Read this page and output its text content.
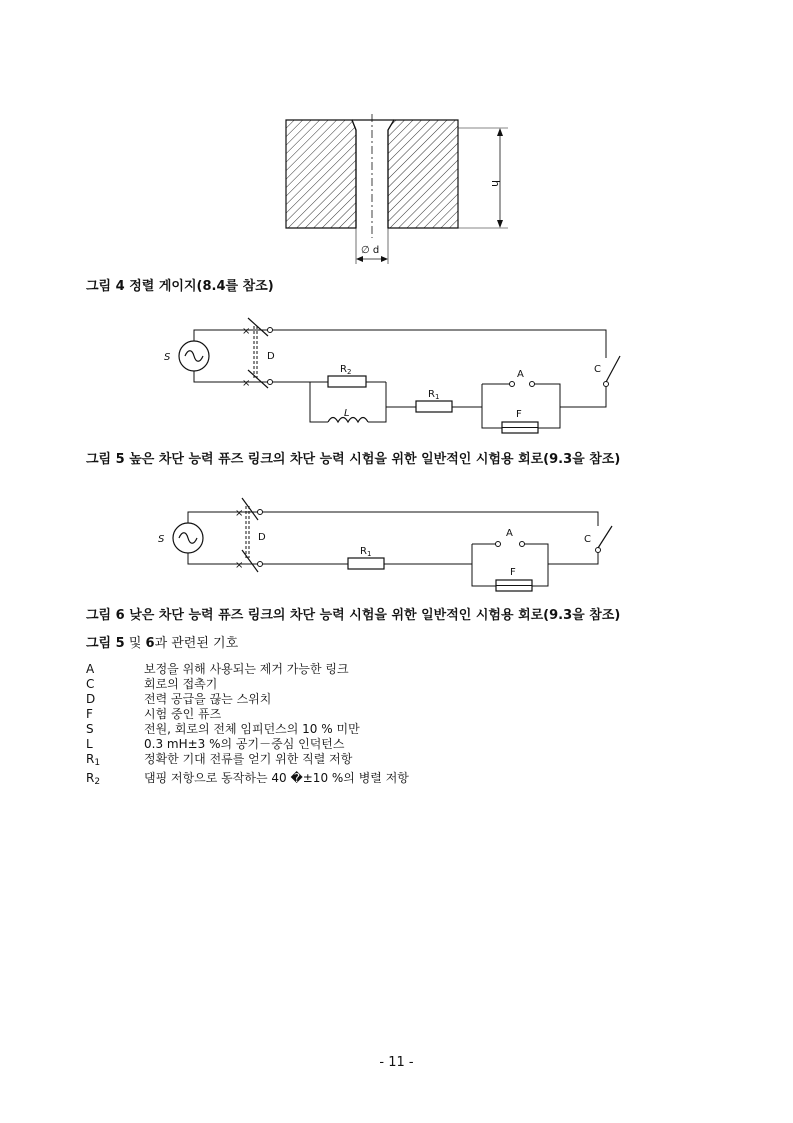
h
∅ d
그림 4 정렬 게이지(8.4를 참조)
S
×
×
D
$R_2$
L
$R_1$
A
F
C
그림 5 높은 차단 능력 퓨즈 링크의 차단 능력 시험을 위한 일반적인 시험용 회로(9.3을 참조)
S
×
×
D
$R_1$
A
F
C
그림 6 낮은 차단 능력 퓨즈 링크의 차단 능력 시험을 위한 일반적인 시험용 회로(9.3을 참조)
그림 5 및 6과 관련된 기호
A	보정을 위해 사용되는 제거 가능한 링크
C	회로의 접촉기
D	전력 공급을 끊는 스위치
F	시험 중인 퓨즈
S	전원, 회로의 전체 임피던스의 10 % 미만
L	0.3 mH±3 %의 공기－중심 인덕턴스
$R_1$	정확한 기대 전류를 얻기 위한 직렬 저항
$R_2$	댐핑 저항으로 동작하는 40 �±10 %의 병렬 저항
- 11 -
